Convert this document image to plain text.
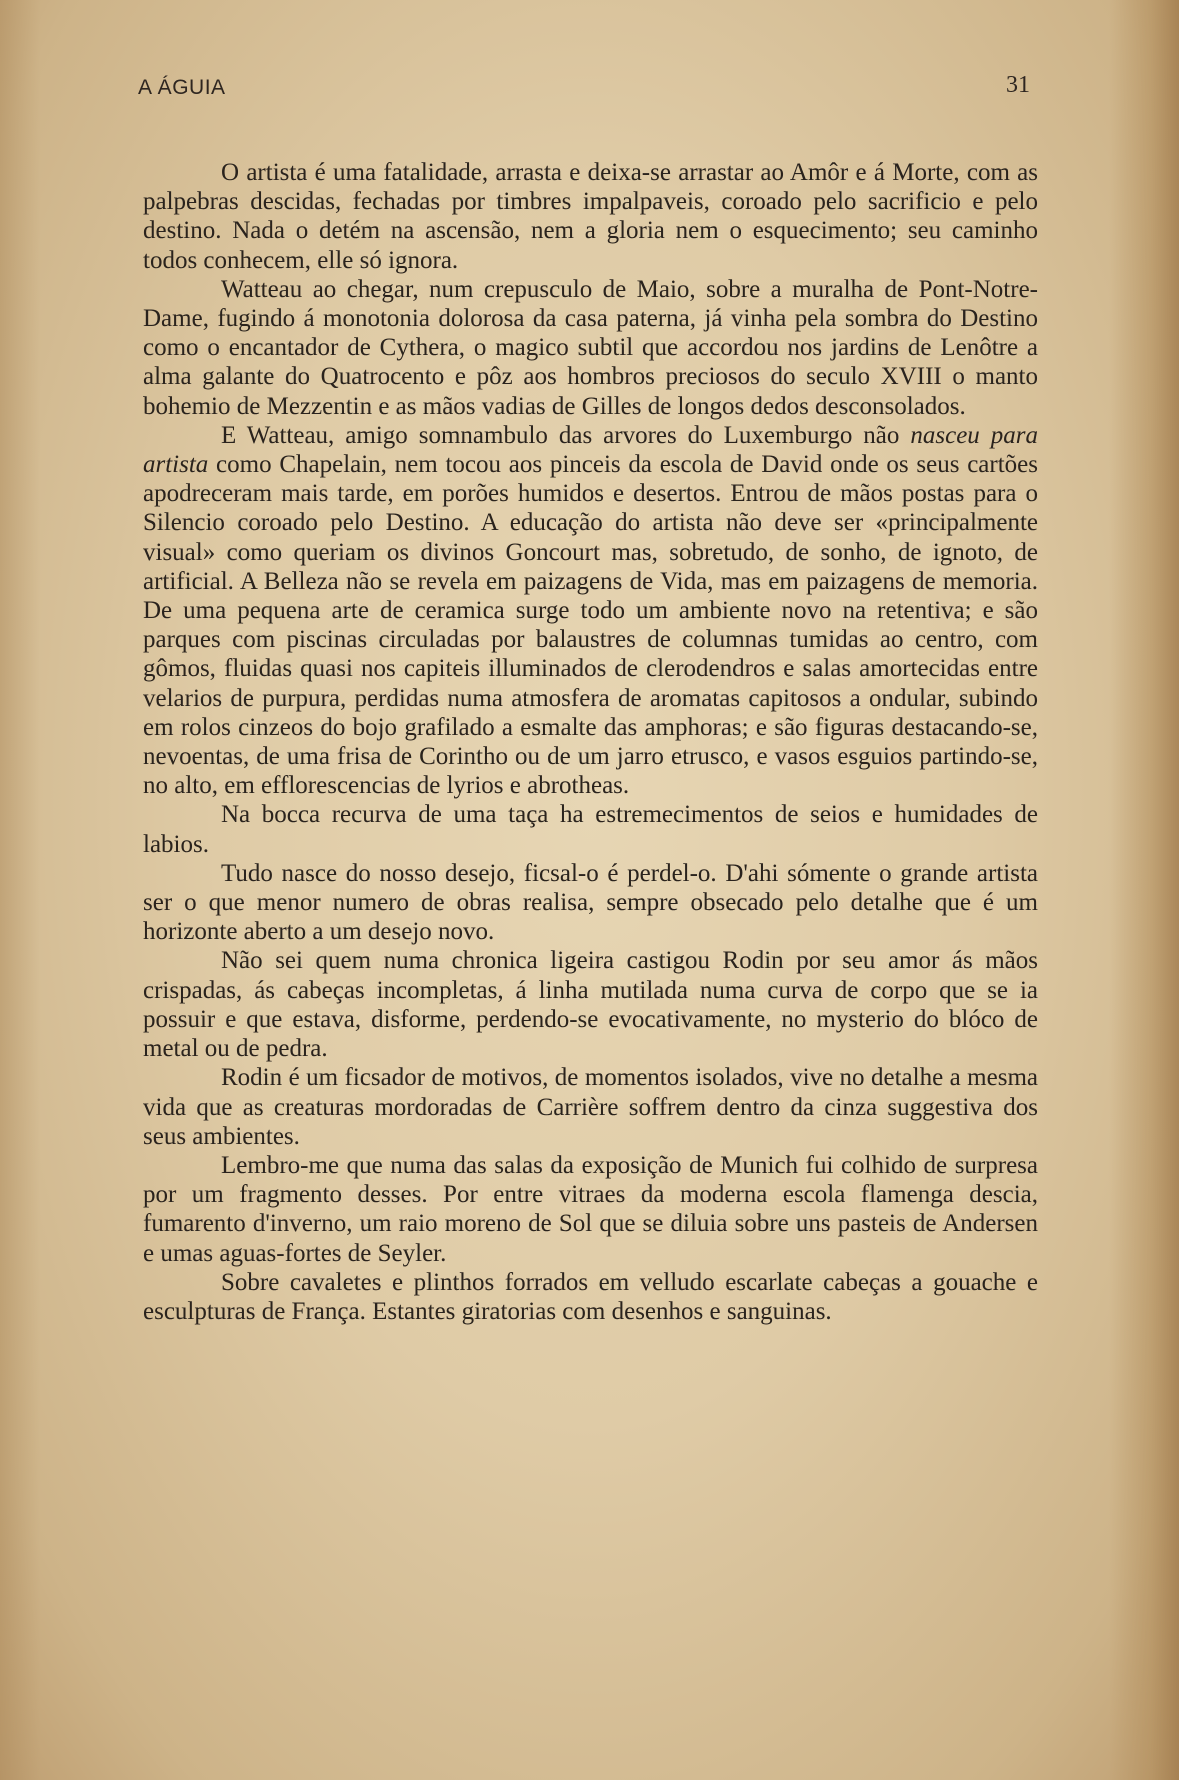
A ÁGUIA	31

O artista é uma fatalidade, arrasta e deixa-se arrastar ao Amôr e á Morte, com as palpebras descidas, fechadas por timbres impalpaveis, coroado pelo sacrificio e pelo destino. Nada o detém na ascensão, nem a gloria nem o esquecimento; seu caminho todos conhecem, elle só ignora.

Watteau ao chegar, num crepusculo de Maio, sobre a muralha de Pont-Notre-Dame, fugindo á monotonia dolorosa da casa paterna, já vinha pela sombra do Destino como o encantador de Cythera, o magico subtil que accordou nos jardins de Lenôtre a alma galante do Quatrocento e pôz aos hombros preciosos do seculo XVIII o manto bohemio de Mezzentin e as mãos vadias de Gilles de longos dedos desconsolados.

E Watteau, amigo somnambulo das arvores do Luxemburgo não nasceu para artista como Chapelain, nem tocou aos pinceis da escola de David onde os seus cartões apodreceram mais tarde, em porões humidos e desertos. Entrou de mãos postas para o Silencio coroado pelo Destino. A educação do artista não deve ser «principalmente visual» como queriam os divinos Goncourt mas, sobretudo, de sonho, de ignoto, de artificial. A Belleza não se revela em paizagens de Vida, mas em paizagens de memoria. De uma pequena arte de ceramica surge todo um ambiente novo na retentiva; e são parques com piscinas circuladas por balaustres de columnas tumidas ao centro, com gômos, fluidas quasi nos capiteis illuminados de clerodendros e salas amortecidas entre velarios de purpura, perdidas numa atmosfera de aromatas capitosos a ondular, subindo em rolos cinzeos do bojo grafilado a esmalte das amphoras; e são figuras destacando-se, nevoentas, de uma frisa de Corintho ou de um jarro etrusco, e vasos esguios partindo-se, no alto, em efflorescencias de lyrios e abrotheas.

Na bocca recurva de uma taça ha estremecimentos de seios e humidades de labios.

Tudo nasce do nosso desejo, ficsal-o é perdel-o. D'ahi sómente o grande artista ser o que menor numero de obras realisa, sempre obsecado pelo detalhe que é um horizonte aberto a um desejo novo.

Não sei quem numa chronica ligeira castigou Rodin por seu amor ás mãos crispadas, ás cabeças incompletas, á linha mutilada numa curva de corpo que se ia possuir e que estava, disforme, perdendo-se evocativamente, no mysterio do blóco de metal ou de pedra.

Rodin é um ficsador de motivos, de momentos isolados, vive no detalhe a mesma vida que as creaturas mordoradas de Carrière soffrem dentro da cinza suggestiva dos seus ambientes.

Lembro-me que numa das salas da exposição de Munich fui colhido de surpresa por um fragmento desses. Por entre vitraes da moderna escola flamenga descia, fumarento d'inverno, um raio moreno de Sol que se diluia sobre uns pasteis de Andersen e umas aguas-fortes de Seyler.

Sobre cavaletes e plinthos forrados em velludo escarlate cabeças a gouache e esculpturas de França. Estantes giratorias com desenhos e sanguinas.
